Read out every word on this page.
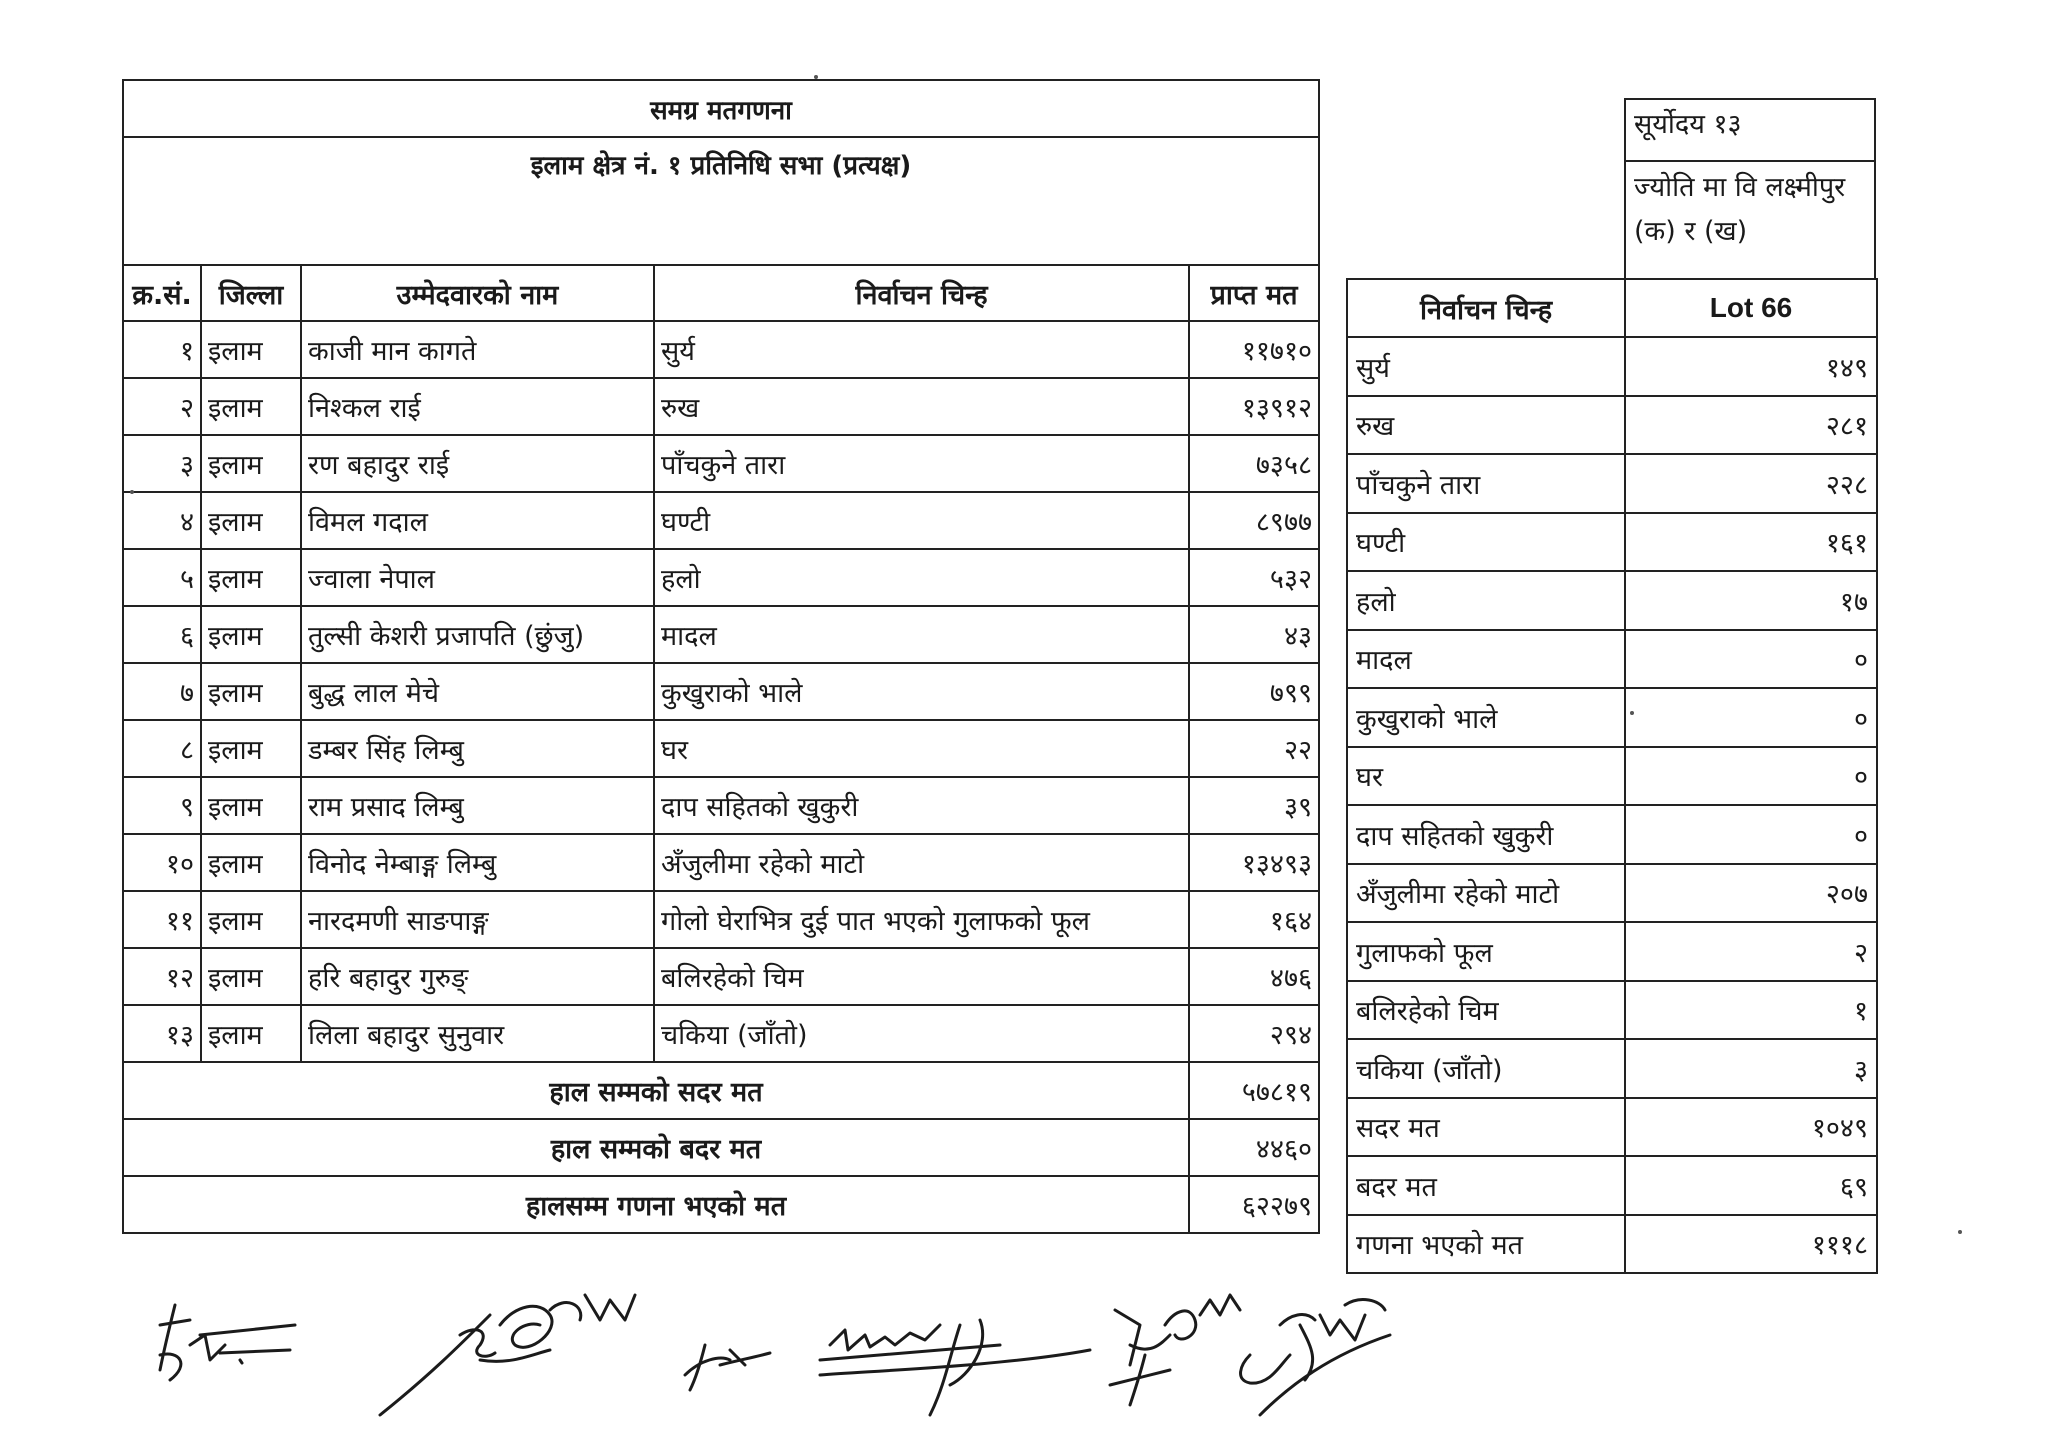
समग्र मतगणना				
इलाम क्षेत्र नं. १ प्रतिनिधि सभा (प्रत्यक्ष)				
क्र.सं.	जिल्ला	उम्मेदवारको नाम	निर्वाचन चिन्ह	प्राप्त मत
१	इलाम	काजी मान कागते	सुर्य	११७१०
२	इलाम	निश्कल राई	रुख	१३९१२
३	इलाम	रण बहादुर राई	पाँचकुने तारा	७३५८
४	इलाम	विमल गदाल	घण्टी	८९७७
५	इलाम	ज्वाला नेपाल	हलो	५३२
६	इलाम	तुल्सी केशरी प्रजापति (छुंजु)	मादल	४३
७	इलाम	बुद्ध लाल मेचे	कुखुराको भाले	७९९
८	इलाम	डम्बर सिंह लिम्बु	घर	२२
९	इलाम	राम प्रसाद लिम्बु	दाप सहितको खुकुरी	३९
१०	इलाम	विनोद नेम्बाङ्ग लिम्बु	अँजुलीमा रहेको माटो	१३४९३
११	इलाम	नारदमणी साङपाङ्ग	गोलो घेराभित्र दुई पात भएको गुलाफको फूल	१६४
१२	इलाम	हरि बहादुर गुरुङ्	बलिरहेको चिम	४७६
१३	इलाम	लिला बहादुर सुनुवार	चकिया (जाँतो)	२९४
हाल सम्मको सदर मत				५७८१९
हाल सम्मको बदर मत				४४६०
हालसम्म गणना भएको मत				६२२७९
सूर्योदय १३
ज्योति मा वि लक्ष्मीपुर
(क) र (ख)
निर्वाचन चिन्ह	Lot 66
सुर्य	१४९
रुख	२८१
पाँचकुने तारा	२२८
घण्टी	१६१
हलो	१७
मादल	०
कुखुराको भाले	०
घर	०
दाप सहितको खुकुरी	०
अँजुलीमा रहेको माटो	२०७
गुलाफको फूल	२
बलिरहेको चिम	१
चकिया (जाँतो)	३
सदर मत	१०४९
बदर मत	६९
गणना भएको मत	१११८
